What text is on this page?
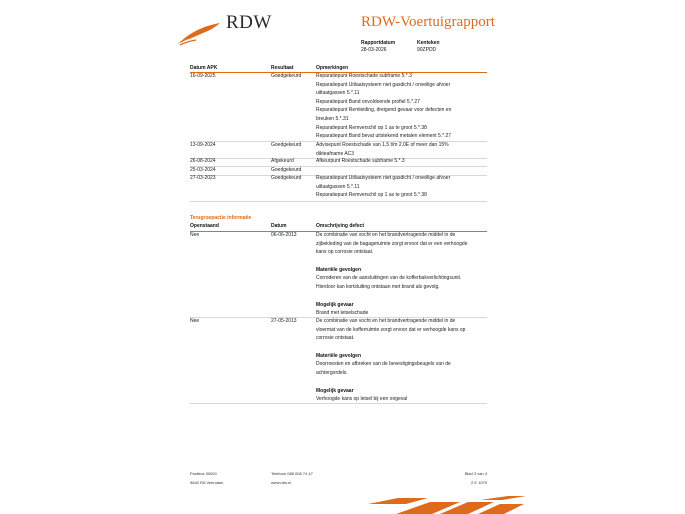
RDW	RDW-Voertuigrapport
Rapportdatum
28-03-2026
Kenteken
90ZPDD
Datum APK	Resultaat	Opmerkingen
16-09-2025	Goedgekeurd	Reparatiepunt Roestschade subframe 5.*.3
Reparatiepunt Uitlaatsysteem niet gasdicht / onveilige afvoer
uitlaatgassen 5.*.11
Reparatiepunt Band onvoldoende profiel 5.*.27
Reparatiepunt Remleiding, dreigend gevaar voor defecten en
breuken 5.*.31
Reparatiepunt Remverschil op 1 as te groot 5.*.38
Reparatiepunt Band bevat uitstekend metalen element 5.*.27
13-09-2024	Goedgekeurd	Advisepunt Roestschade van 1,5 t/m 2,0E of meer dan 15%
dikteafname AC3
26-08-2024	Afgekeurd	Afkeurpunt Roestschade subframe 5.*.3
25-03-2024	Goedgekeurd
27-03-2023	Goedgekeurd	Reparatiepunt Uitlaatsysteem niet gasdicht / onveilige afvoer
uitlaatgassen 5.*.11
Reparatiepunt Remverschil op 1 as te groot 5.*.38
Terugroepactie informatie
Openstaand	Datum	Omschrijving defect
Nee	06-06-2013	De combinatie van vocht en het brandvertragende middel in de
zijbekleding van de bagageruimte zorgt ervoor dat er een verhoogde
kans op corrosie ontstaat.
Materiële gevolgen
Corroderen van de aansluitingen van de kofferbakverlichtingsunit.
Hierdoor kan kortsluiting ontstaan met brand als gevolg.
Mogelijk gevaar
Brand met letselschade
Nee	27-05-2013	De combinatie van vocht en het brandvertragende middel in de
vloermat van de kofferruimte zorgt ervoor dat er verhoogde kans op
corrosie ontstaat.
Materiële gevolgen
Doorroesten en afbreken van de bevestigingsbeugels van de
achtergordels.
Mogelijk gevaar
Verhoogde kans op letsel bij een ongeval
Postbus 30000
9640 RA Veendam
Telefoon 088 008 74 47
www.rdw.nl
Blad 3 van 4
2 E 1079
